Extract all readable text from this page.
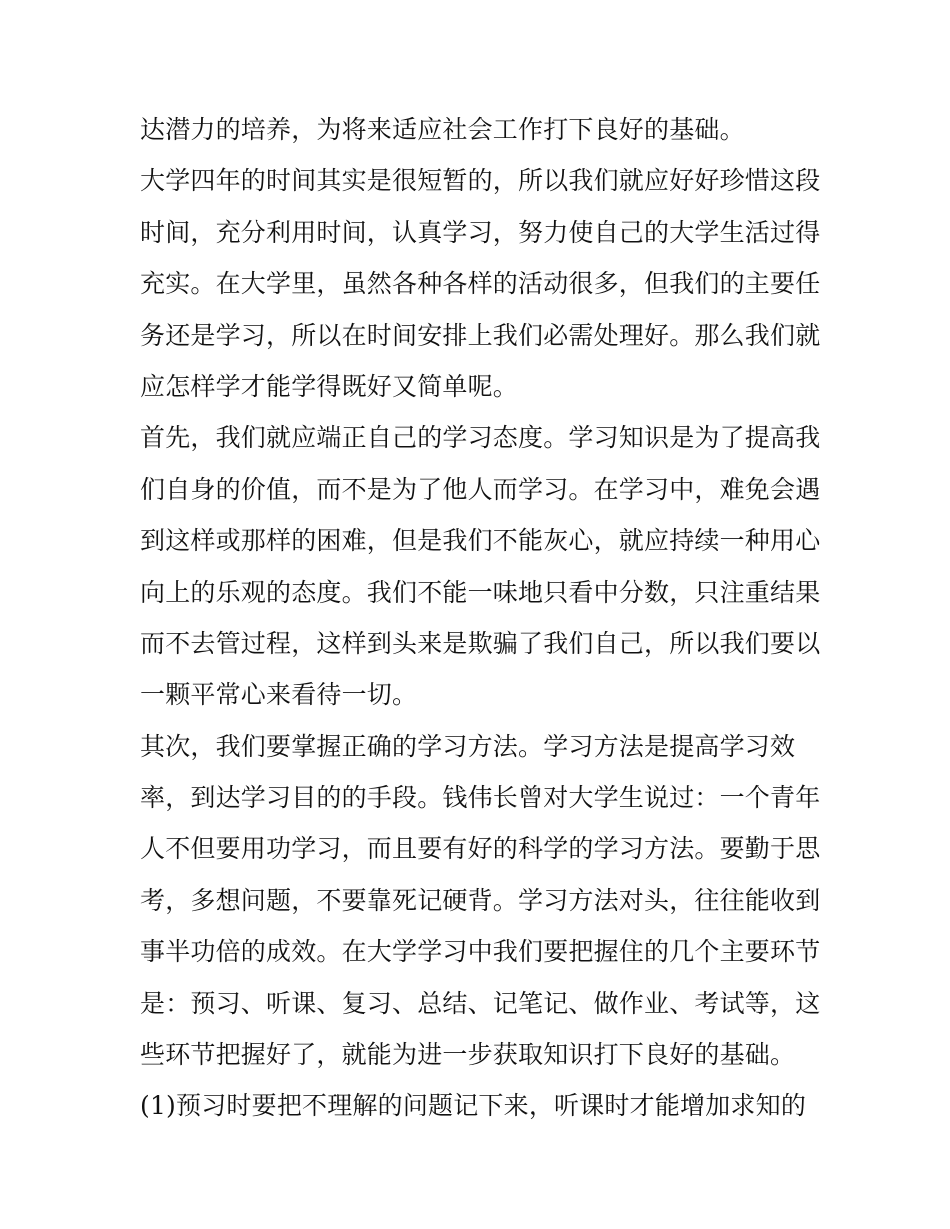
达潜力的培养，为将来适应社会工作打下良好的基础。
大学四年的时间其实是很短暂的，所以我们就应好好珍惜这段
时间，充分利用时间，认真学习，努力使自己的大学生活过得
充实。在大学里，虽然各种各样的活动很多，但我们的主要任
务还是学习，所以在时间安排上我们必需处理好。那么我们就
应怎样学才能学得既好又简单呢。
首先，我们就应端正自己的学习态度。学习知识是为了提高我
们自身的价值，而不是为了他人而学习。在学习中，难免会遇
到这样或那样的困难，但是我们不能灰心，就应持续一种用心
向上的乐观的态度。我们不能一味地只看中分数，只注重结果
而不去管过程，这样到头来是欺骗了我们自己，所以我们要以
一颗平常心来看待一切。
其次，我们要掌握正确的学习方法。学习方法是提高学习效
率，到达学习目的的手段。钱伟长曾对大学生说过：一个青年
人不但要用功学习，而且要有好的科学的学习方法。要勤于思
考，多想问题，不要靠死记硬背。学习方法对头，往往能收到
事半功倍的成效。在大学学习中我们要把握住的几个主要环节
是：预习、听课、复习、总结、记笔记、做作业、考试等，这
些环节把握好了，就能为进一步获取知识打下良好的基础。
(1)预习时要把不理解的问题记下来，听课时才能增加求知的
